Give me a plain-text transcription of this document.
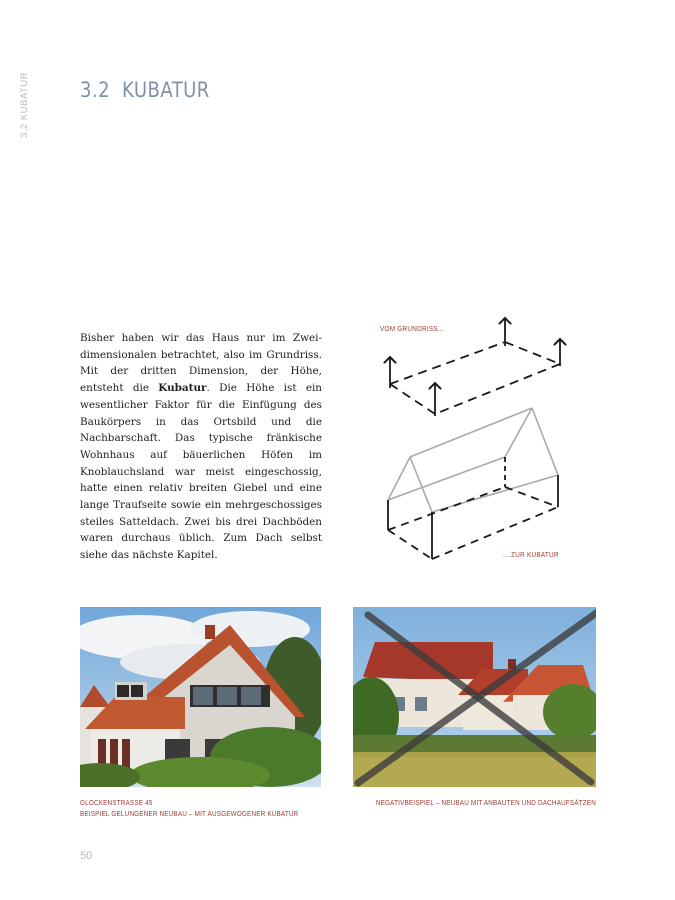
3.2 KUBATUR 3.2 KUBATUR
Bisher haben wir das Haus nur im Zweidimensionalen betrachtet, also im Grundriss. Mit der dritten Dimension, der Höhe, entsteht die Kubatur. Die Höhe ist ein wesentlicher Faktor für die Einfügung des Baukörpers in das Ortsbild und die Nachbarschaft. Das typische fränkische Wohnhaus auf bäuerlichen Höfen im Knoblauchsland war meist eingeschossig, hatte einen relativ breiten Giebel und eine lange Traufseite sowie ein mehrgeschossiges steiles Satteldach. Zwei bis drei Dachböden waren durchaus üblich. Zum Dach selbst siehe das nächste Kapitel.
VOM GRUNDRISS...
....ZUR KUBATUR
GLOCKENSTRASSE 45
BEISPIEL GELUNGENER NEUBAU – MIT AUSGEWOGENER KUBATUR
NEGATIVBEISPIEL – NEUBAU MIT ANBAUTEN UND DACHAUFSÄTZEN
50
